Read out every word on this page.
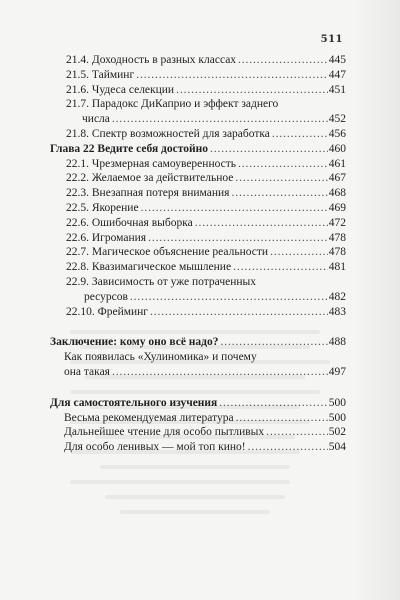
511
21.4. Доходность в разных классах . . .	445
21.5. Тайминг . . .	447
21.6. Чудеса селекции . . .	451
21.7. Парадокс ДиКаприо и эффект заднего
числа . . .	452
21.8. Спектр возможностей для заработка . . .	456
Глава 22 Ведите себя достойно . . .	460
22.1. Чрезмерная самоуверенность . . .	461
22.2. Желаемое за действительное . . .	467
22.3. Внезапная потеря внимания . . .	468
22.5. Якорение . . .	469
22.6. Ошибочная выборка . . .	472
22.6. Игромания . . .	478
22.7. Магическое объяснение реальности . . .	478
22.8. Квазимагическое мышление . . .	481
22.9. Зависимость от уже потраченных
ресурсов . . .	482
22.10. Фрейминг . . .	483
Заключение: кому оно всё надо? . . .	488
Как появилась «Хулиномика» и почему
она такая . . .	497
Для самостоятельного изучения . . .	500
Весьма рекомендуемая литература . . .	500
Дальнейшее чтение для особо пытливых . . .	502
Для особо ленивых — мой топ кино! . . .	504
